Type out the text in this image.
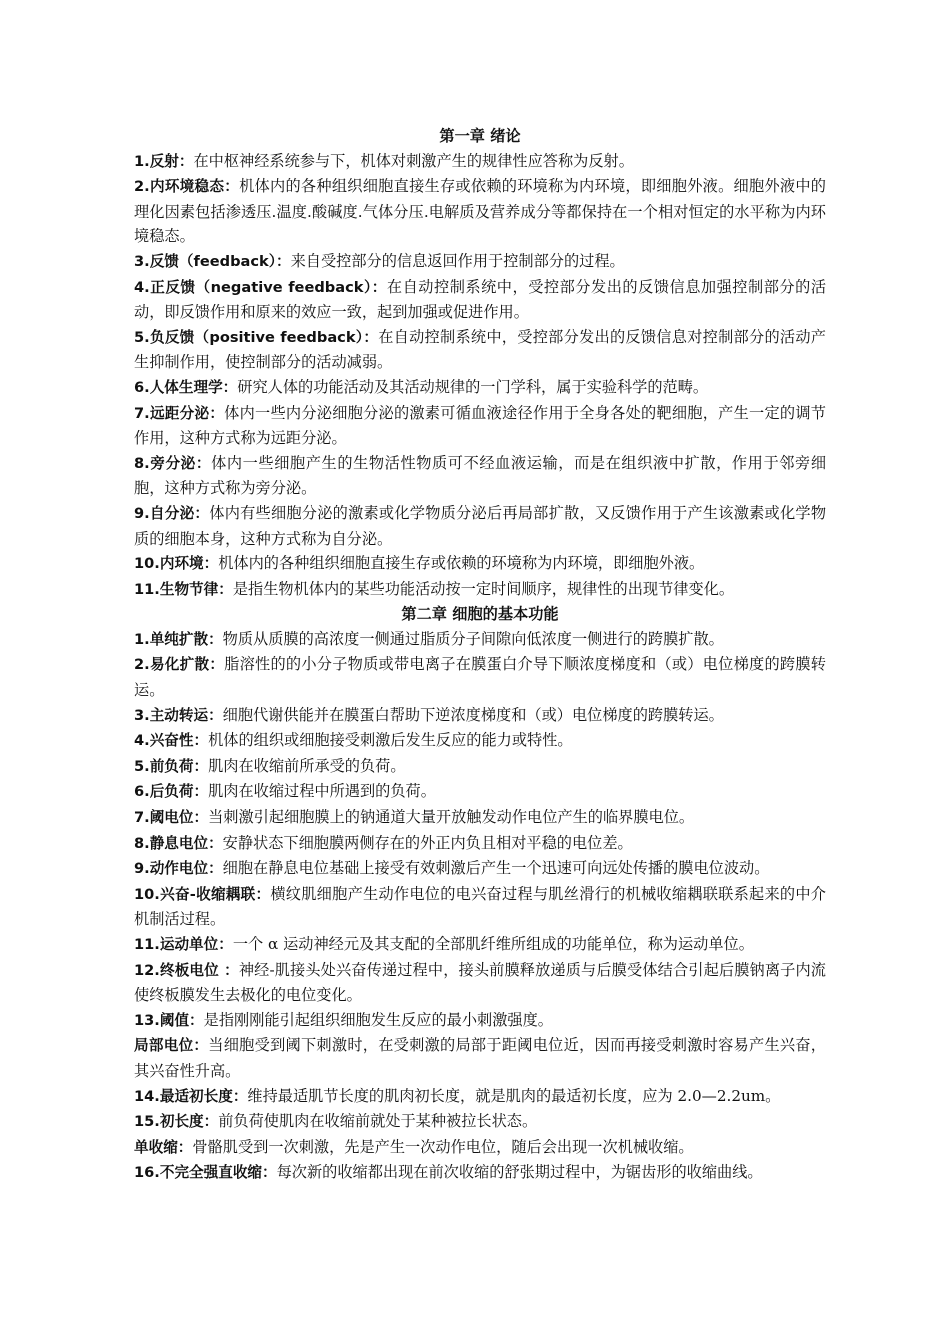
第一章 绪论

1.反射：在中枢神经系统参与下，机体对刺激产生的规律性应答称为反射。

2.内环境稳态：机体内的各种组织细胞直接生存或依赖的环境称为内环境，即细胞外液。细胞外液中的理化因素包括渗透压.温度.酸碱度.气体分压.电解质及营养成分等都保持在一个相对恒定的水平称为内环境稳态。

3.反馈（feedback）：来自受控部分的信息返回作用于控制部分的过程。

4.正反馈（negative feedback）：在自动控制系统中，受控部分发出的反馈信息加强控制部分的活动，即反馈作用和原来的效应一致，起到加强或促进作用。

5.负反馈（positive feedback）：在自动控制系统中，受控部分发出的反馈信息对控制部分的活动产生抑制作用，使控制部分的活动减弱。

6.人体生理学：研究人体的功能活动及其活动规律的一门学科，属于实验科学的范畴。

7.远距分泌：体内一些内分泌细胞分泌的激素可循血液途径作用于全身各处的靶细胞，产生一定的调节作用，这种方式称为远距分泌。

8.旁分泌：体内一些细胞产生的生物活性物质可不经血液运输，而是在组织液中扩散，作用于邻旁细胞，这种方式称为旁分泌。

9.自分泌：体内有些细胞分泌的激素或化学物质分泌后再局部扩散，又反馈作用于产生该激素或化学物质的细胞本身，这种方式称为自分泌。

10.内环境：机体内的各种组织细胞直接生存或依赖的环境称为内环境，即细胞外液。

11.生物节律：是指生物机体内的某些功能活动按一定时间顺序，规律性的出现节律变化。

第二章 细胞的基本功能

1.单纯扩散：物质从质膜的高浓度一侧通过脂质分子间隙向低浓度一侧进行的跨膜扩散。

2.易化扩散：脂溶性的的小分子物质或带电离子在膜蛋白介导下顺浓度梯度和（或）电位梯度的跨膜转运。

3.主动转运：细胞代谢供能并在膜蛋白帮助下逆浓度梯度和（或）电位梯度的跨膜转运。

4.兴奋性：机体的组织或细胞接受刺激后发生反应的能力或特性。

5.前负荷：肌肉在收缩前所承受的负荷。

6.后负荷：肌肉在收缩过程中所遇到的负荷。

7.阈电位：当刺激引起细胞膜上的钠通道大量开放触发动作电位产生的临界膜电位。

8.静息电位：安静状态下细胞膜两侧存在的外正内负且相对平稳的电位差。

9.动作电位：细胞在静息电位基础上接受有效刺激后产生一个迅速可向远处传播的膜电位波动。

10.兴奋-收缩耦联：横纹肌细胞产生动作电位的电兴奋过程与肌丝滑行的机械收缩耦联联系起来的中介机制活过程。

11.运动单位：一个 α 运动神经元及其支配的全部肌纤维所组成的功能单位，称为运动单位。

12.终板电位 ：神经-肌接头处兴奋传递过程中，接头前膜释放递质与后膜受体结合引起后膜钠离子内流使终板膜发生去极化的电位变化。

13.阈值：是指刚刚能引起组织细胞发生反应的最小刺激强度。

局部电位：当细胞受到阈下刺激时，在受刺激的局部于距阈电位近，因而再接受刺激时容易产生兴奋，其兴奋性升高。

14.最适初长度：维持最适肌节长度的肌肉初长度，就是肌肉的最适初长度，应为 2.0—2.2um。

15.初长度：前负荷使肌肉在收缩前就处于某种被拉长状态。

单收缩：骨骼肌受到一次刺激，先是产生一次动作电位，随后会出现一次机械收缩。

16.不完全强直收缩：每次新的收缩都出现在前次收缩的舒张期过程中，为锯齿形的收缩曲线。
